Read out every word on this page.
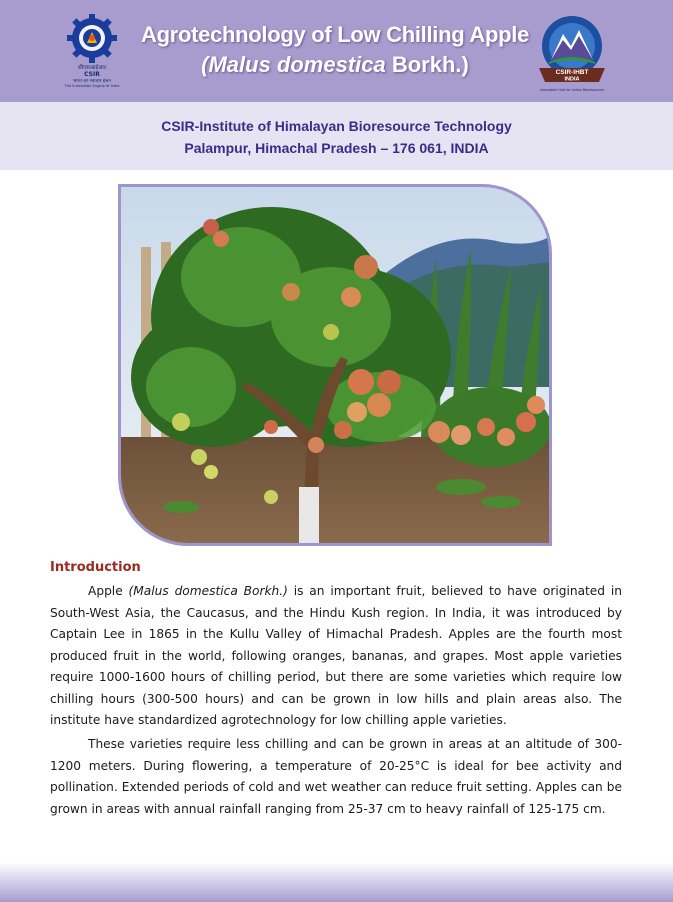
सीएसआईआर
CSIR
भारत का नवाचार इंजन
The Innovation Engine of India
Agrotechnology of Low Chilling Apple
(Malus domestica Borkh.)	CSIR-IHBT
INDIA
Innovation Hub for Indian Bioresources
CSIR-Institute of Himalayan Bioresource Technology
Palampur, Himachal Pradesh – 176 061, INDIA
Introduction

Apple (Malus domestica Borkh.) is an important fruit, believed to have originated in South-West Asia, the Caucasus, and the Hindu Kush region. In India, it was introduced by Captain Lee in 1865 in the Kullu Valley of Himachal Pradesh. Apples are the fourth most produced fruit in the world, following oranges, bananas, and grapes. Most apple varieties require 1000-1600 hours of chilling period, but there are some varieties which require low chilling hours (300-500 hours) and can be grown in low hills and plain areas also. The institute have standardized agrotechnology for low chilling apple varieties.

These varieties require less chilling and can be grown in areas at an altitude of 300-1200 meters. During flowering, a temperature of 20-25°C is ideal for bee activity and pollination. Extended periods of cold and wet weather can reduce fruit setting. Apples can be grown in areas with annual rainfall ranging from 25-37 cm to heavy rainfall of 125-175 cm.
